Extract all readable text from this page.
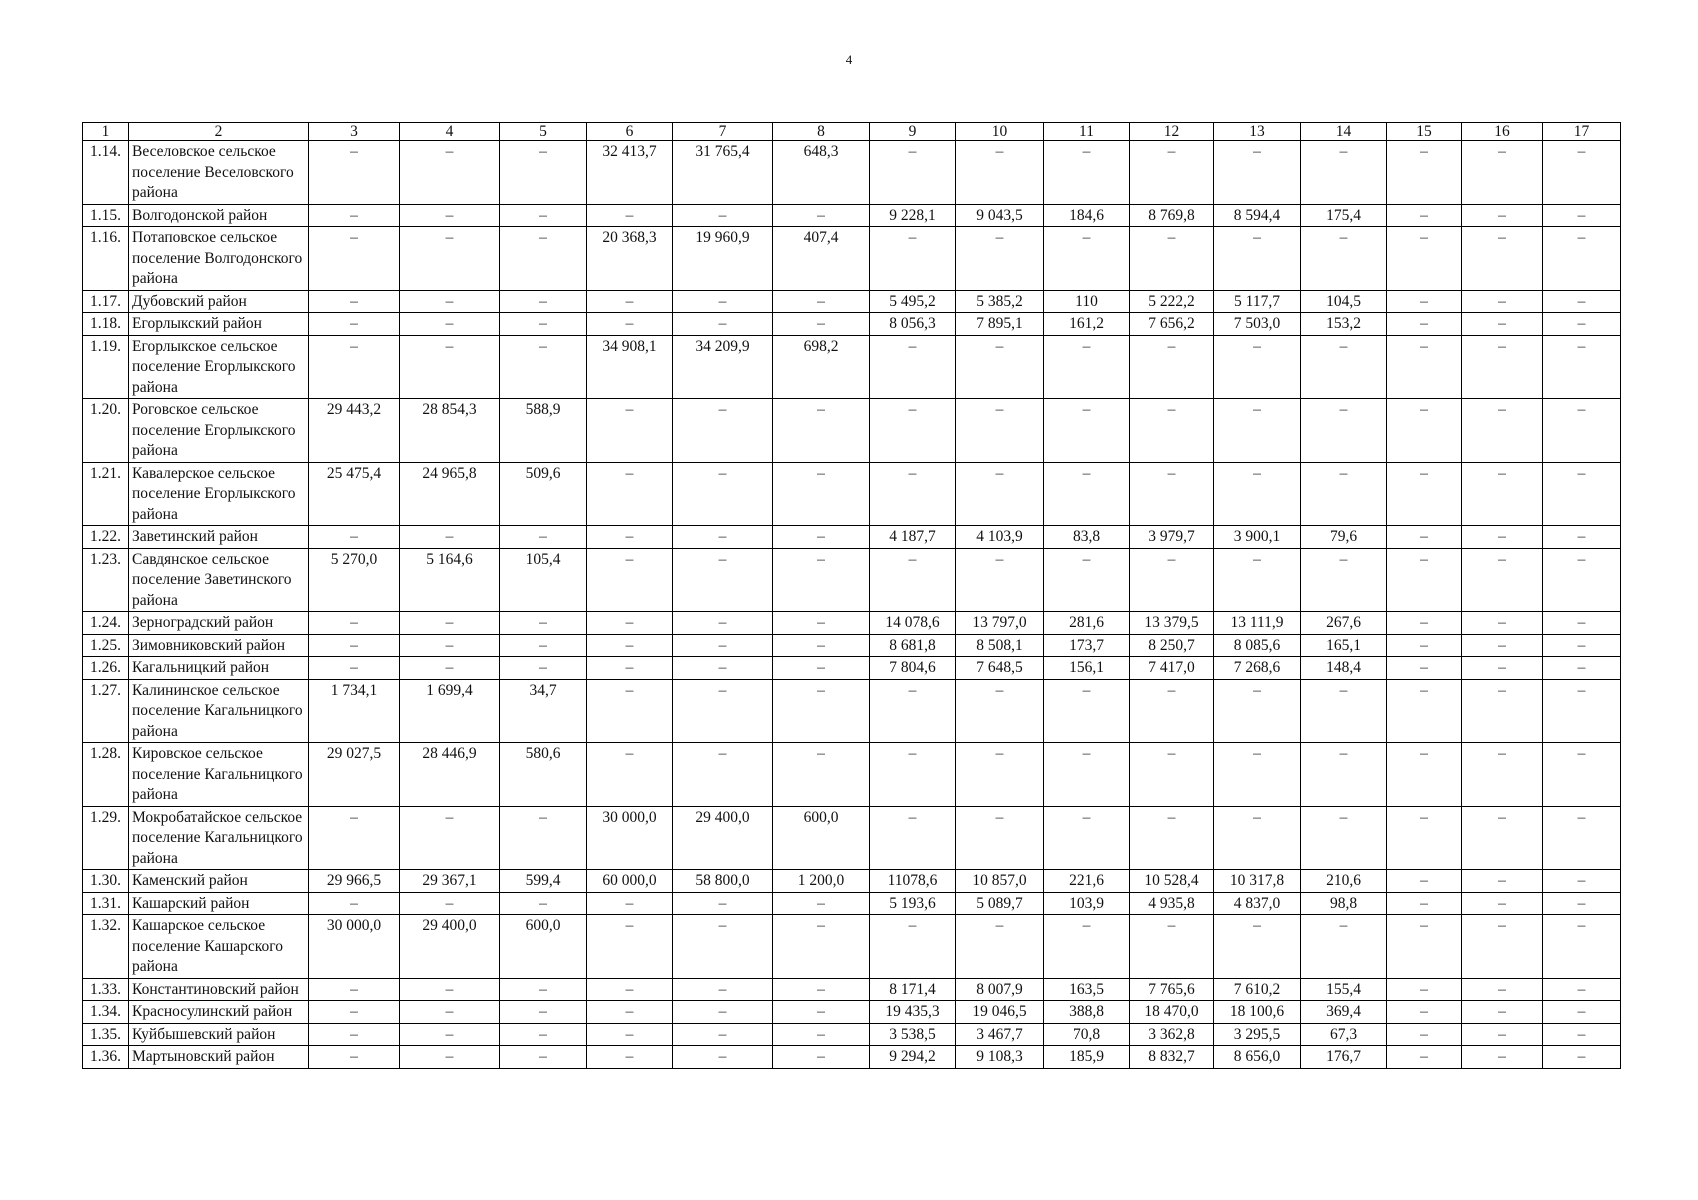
4
1	2	3	4	5	6	7	8	9	10	11	12	13	14	15	16	17
1.14.	Веселовское сельское поселение Веселовского района	–	–	–	32 413,7	31 765,4	648,3	–	–	–	–	–	–	–	–	–
1.15.	Волгодонской район	–	–	–	–	–	–	9 228,1	9 043,5	184,6	8 769,8	8 594,4	175,4	–	–	–
1.16.	Потаповское сельское поселение Волгодонского района	–	–	–	20 368,3	19 960,9	407,4	–	–	–	–	–	–	–	–	–
1.17.	Дубовский район	–	–	–	–	–	–	5 495,2	5 385,2	110	5 222,2	5 117,7	104,5	–	–	–
1.18.	Егорлыкский район	–	–	–	–	–	–	8 056,3	7 895,1	161,2	7 656,2	7 503,0	153,2	–	–	–
1.19.	Егорлыкское сельское поселение Егорлыкского района	–	–	–	34 908,1	34 209,9	698,2	–	–	–	–	–	–	–	–	–
1.20.	Роговское сельское поселение Егорлыкского района	29 443,2	28 854,3	588,9	–	–	–	–	–	–	–	–	–	–	–	–
1.21.	Кавалерское сельское поселение Егорлыкского района	25 475,4	24 965,8	509,6	–	–	–	–	–	–	–	–	–	–	–	–
1.22.	Заветинский район	–	–	–	–	–	–	4 187,7	4 103,9	83,8	3 979,7	3 900,1	79,6	–	–	–
1.23.	Савдянское сельское поселение Заветинского района	5 270,0	5 164,6	105,4	–	–	–	–	–	–	–	–	–	–	–	–
1.24.	Зерноградский район	–	–	–	–	–	–	14 078,6	13 797,0	281,6	13 379,5	13 111,9	267,6	–	–	–
1.25.	Зимовниковский район	–	–	–	–	–	–	8 681,8	8 508,1	173,7	8 250,7	8 085,6	165,1	–	–	–
1.26.	Кагальницкий район	–	–	–	–	–	–	7 804,6	7 648,5	156,1	7 417,0	7 268,6	148,4	–	–	–
1.27.	Калининское сельское поселение Кагальницкого района	1 734,1	1 699,4	34,7	–	–	–	–	–	–	–	–	–	–	–	–
1.28.	Кировское сельское поселение Кагальницкого района	29 027,5	28 446,9	580,6	–	–	–	–	–	–	–	–	–	–	–	–
1.29.	Мокробатайское сельское поселение Кагальницкого района	–	–	–	30 000,0	29 400,0	600,0	–	–	–	–	–	–	–	–	–
1.30.	Каменский район	29 966,5	29 367,1	599,4	60 000,0	58 800,0	1 200,0	11078,6	10 857,0	221,6	10 528,4	10 317,8	210,6	–	–	–
1.31.	Кашарский район	–	–	–	–	–	–	5 193,6	5 089,7	103,9	4 935,8	4 837,0	98,8	–	–	–
1.32.	Кашарское сельское поселение Кашарского района	30 000,0	29 400,0	600,0	–	–	–	–	–	–	–	–	–	–	–	–
1.33.	Константиновский район	–	–	–	–	–	–	8 171,4	8 007,9	163,5	7 765,6	7 610,2	155,4	–	–	–
1.34.	Красносулинский район	–	–	–	–	–	–	19 435,3	19 046,5	388,8	18 470,0	18 100,6	369,4	–	–	–
1.35.	Куйбышевский район	–	–	–	–	–	–	3 538,5	3 467,7	70,8	3 362,8	3 295,5	67,3	–	–	–
1.36.	Мартыновский район	–	–	–	–	–	–	9 294,2	9 108,3	185,9	8 832,7	8 656,0	176,7	–	–	–
